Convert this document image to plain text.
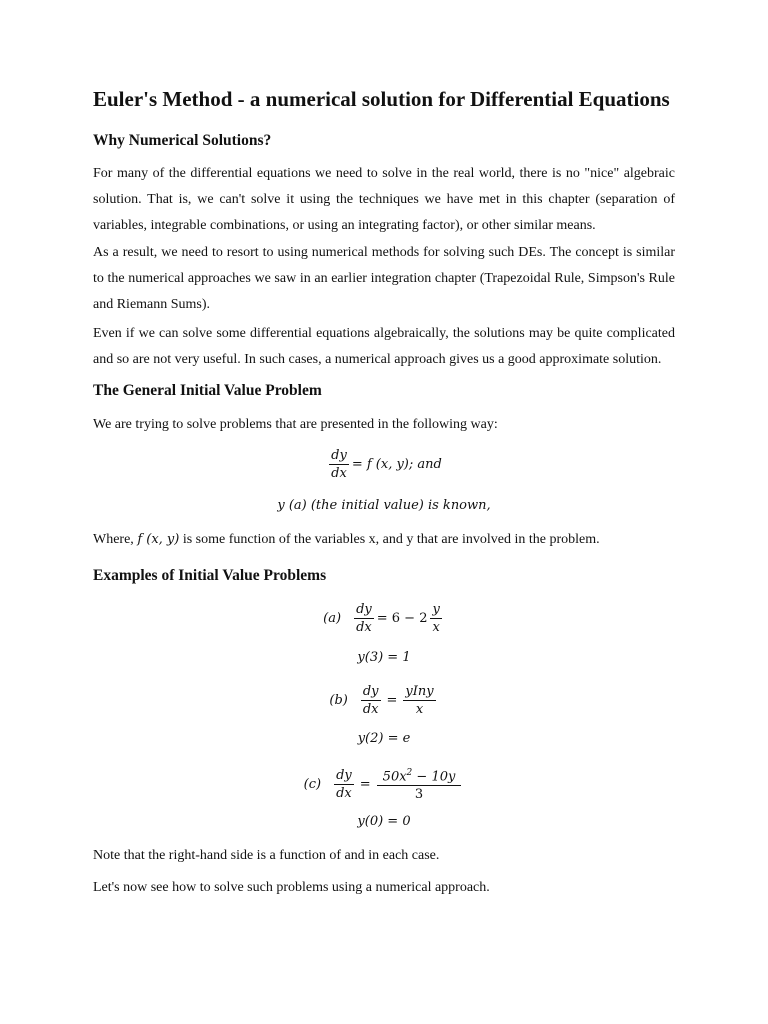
Euler's Method - a numerical solution for Differential Equations
Why Numerical Solutions?

For many of the differential equations we need to solve in the real world, there is no "nice" algebraic solution. That is, we can't solve it using the techniques we have met in this chapter (separation of variables, integrable combinations, or using an integrating factor), or other similar means.

As a result, we need to resort to using numerical methods for solving such DEs. The concept is similar to the numerical approaches we saw in an earlier integration chapter (Trapezoidal Rule, Simpson's Rule and Riemann Sums).

Even if we can solve some differential equations algebraically, the solutions may be quite complicated and so are not very useful. In such cases, a numerical approach gives us a good approximate solution.

The General Initial Value Problem

We are trying to solve problems that are presented in the following way:

$\frac{dy}{dx} = f$ (x, y); and
y (a) (the initial value) is known,

Where, f (x, y) is some function of the variables x, and y that are involved in the problem.

Examples of Initial Value Problems
$(a) \frac{dy}{dx} = 6 - 2 \frac{y}{x}$
y(3) = 1
$(b) \frac{dy}{dx} = \frac{\text{yIny}}{x}$
y(2) = e
$(c) \frac{dy}{dx} = \frac{50x^2 - 10y}{3}$
y(0) = 0

Note that the right-hand side is a function of and in each case.

Let's now see how to solve such problems using a numerical approach.
